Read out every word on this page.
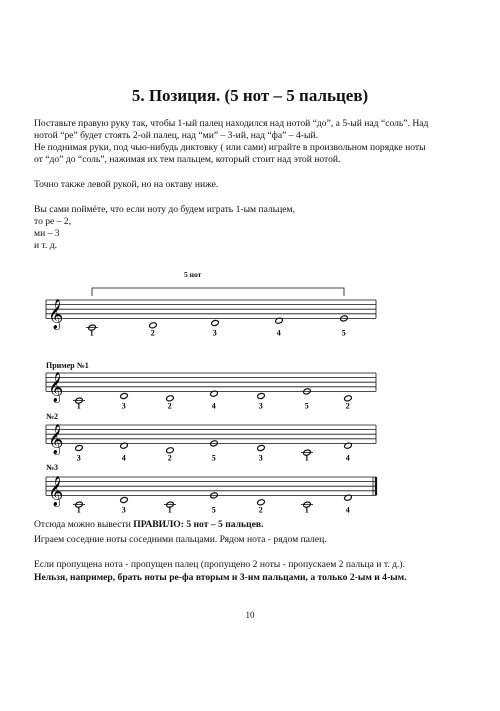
5. Позиция. (5 нот – 5 пальцев)
Поставьте правую руку так, чтобы 1-ый палец находился над нотой “до”, а 5-ый над “соль”. Над
нотой “ре” будет стоять 2-ой палец, над “ми” – 3-ий, над “фа” – 4-ый.
Не поднимая руки, под чью-нибудь диктовку ( или сами) играйте в произвольном порядке ноты
от “до” до “соль”, нажимая их тем пальцем, который стоит над этой нотой.
Точно также левой рукой, но на октаву ниже.
Вы сами поймёте, что если ноту до будем играть 1-ым пальцем,
то ре – 2,
ми – 3
и т. д.
5 нот
Пример №1
№2
№3
𝄞
1	2	3	4	5
𝄞
1	3	2	4	3	5	2
𝄞
3	4	2	5	3	1	4
𝄞
1	3	1	5	2	1	4
Отсюда можно вывести ПРАВИЛО: 5 нот – 5 пальцев.
Играем соседние ноты соседними пальцами. Рядом нота - рядом палец.
Если пропущена нота - пропущен палец (пропущено 2 ноты - пропускаем 2 пальца и т. д.).
Нельзя, например, брать ноты ре-фа вторым и 3-им пальцами, а только 2-ым и 4-ым.
10
